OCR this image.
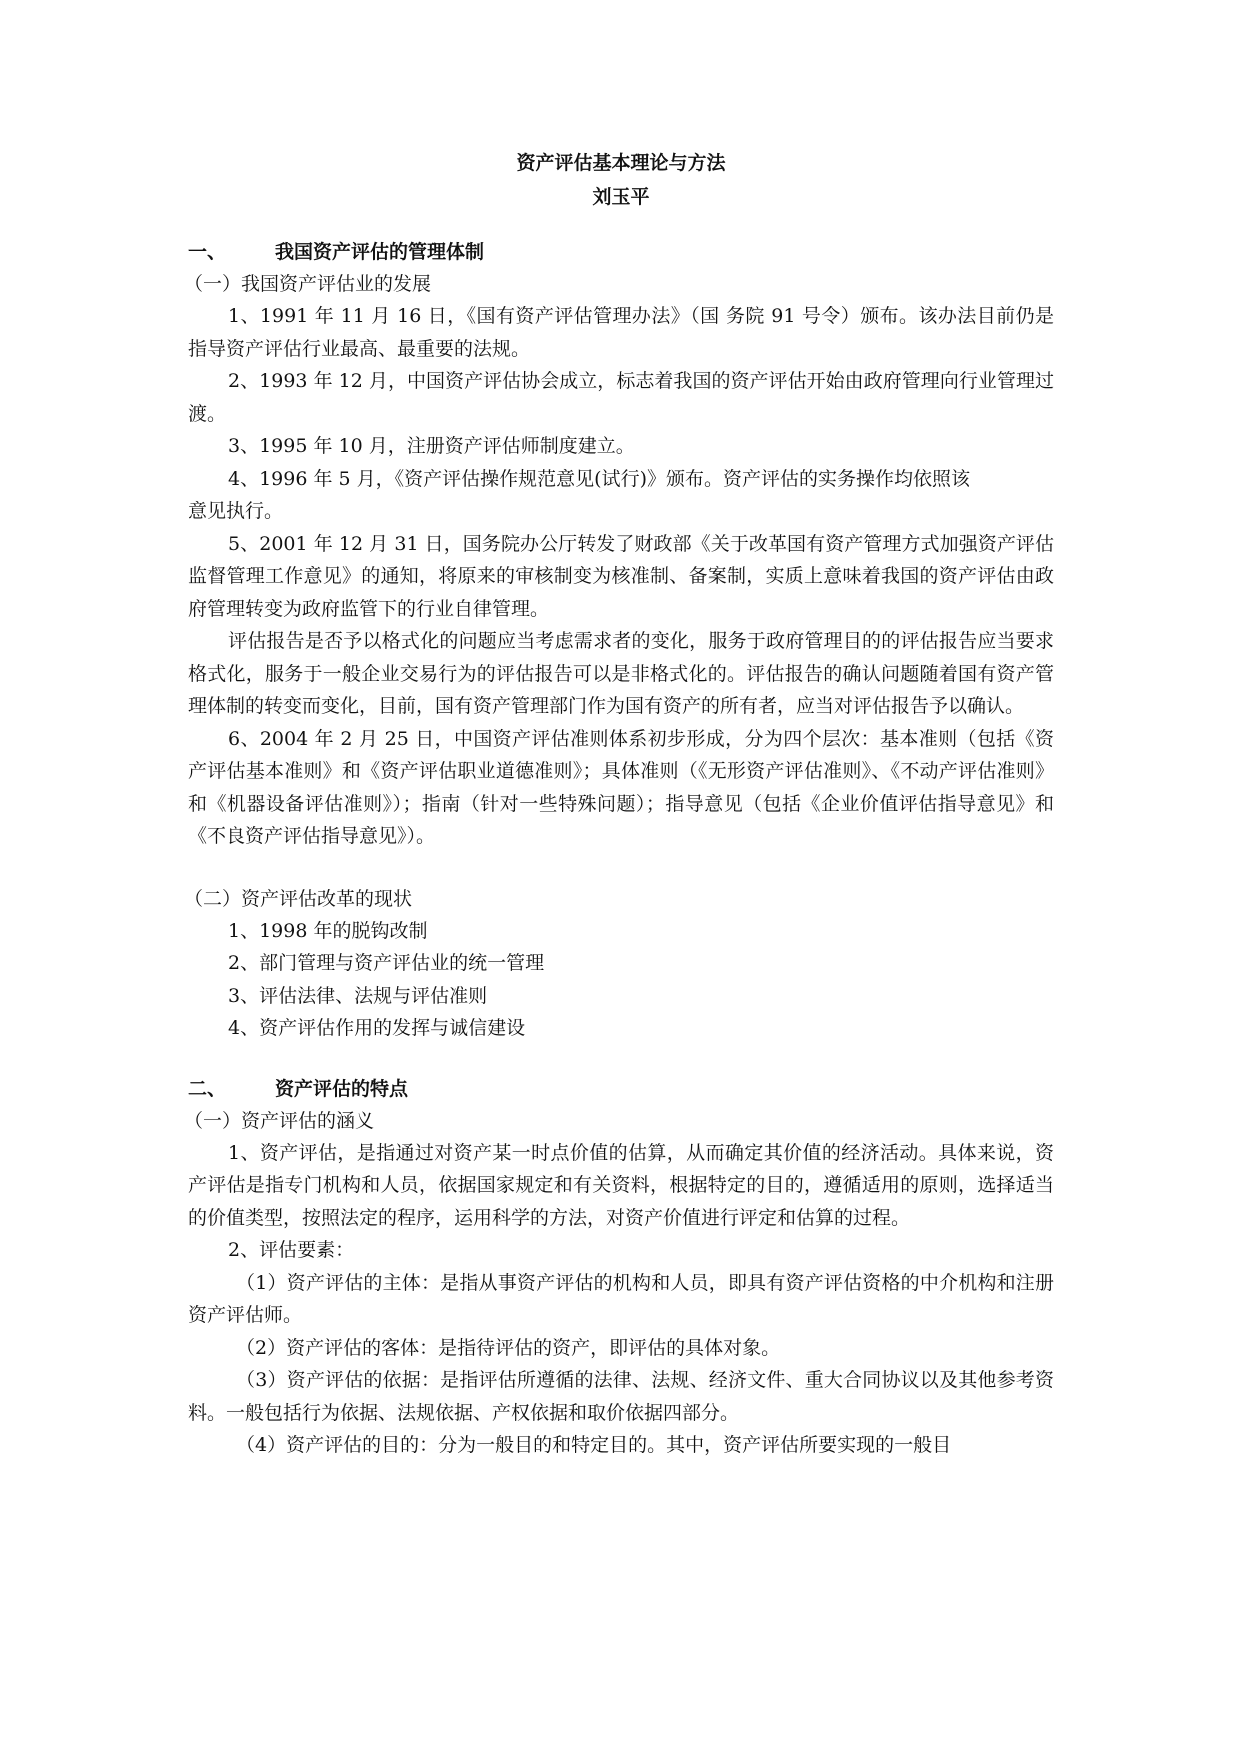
资产评估基本理论与方法
刘玉平
一、	我国资产评估的管理体制
（一）我国资产评估业的发展

1、1991 年 11 月 16 日，《国有资产评估管理办法》（国 务院 91 号令）颁布。该办法目前仍是指导资产评估行业最高、最重要的法规。

2、1993 年 12 月，中国资产评估协会成立，标志着我国的资产评估开始由政府管理向行业管理过渡。

3、1995 年 10 月，注册资产评估师制度建立。

4、1996 年 5 月，《资产评估操作规范意见(试行)》颁布。资产评估的实务操作均依照该

意见执行。

5、2001 年 12 月 31 日，国务院办公厅转发了财政部《关于改革国有资产管理方式加强资产评估监督管理工作意见》的通知，将原来的审核制变为核准制、备案制，实质上意味着我国的资产评估由政府管理转变为政府监管下的行业自律管理。

评估报告是否予以格式化的问题应当考虑需求者的变化，服务于政府管理目的的评估报告应当要求格式化，服务于一般企业交易行为的评估报告可以是非格式化的。评估报告的确认问题随着国有资产管理体制的转变而变化，目前，国有资产管理部门作为国有资产的所有者，应当对评估报告予以确认。

6、2004 年 2 月 25 日，中国资产评估准则体系初步形成，分为四个层次：基本准则（包括《资产评估基本准则》和《资产评估职业道德准则》；具体准则（《无形资产评估准则》、《不动产评估准则》和《机器设备评估准则》）；指南（针对一些特殊问题）；指导意见（包括《企业价值评估指导意见》和《不良资产评估指导意见》）。

（二）资产评估改革的现状
1、1998 年的脱钩改制
2、部门管理与资产评估业的统一管理
3、评估法律、法规与评估准则
4、资产评估作用的发挥与诚信建设
二、	资产评估的特点
（一）资产评估的涵义

1、资产评估，是指通过对资产某一时点价值的估算，从而确定其价值的经济活动。具体来说，资产评估是指专门机构和人员，依据国家规定和有关资料，根据特定的目的，遵循适用的原则，选择适当的价值类型，按照法定的程序，运用科学的方法，对资产价值进行评定和估算的过程。

2、评估要素：

（1）资产评估的主体：是指从事资产评估的机构和人员，即具有资产评估资格的中介机构和注册资产评估师。

（2）资产评估的客体：是指待评估的资产，即评估的具体对象。

（3）资产评估的依据：是指评估所遵循的法律、法规、经济文件、重大合同协议以及其他参考资料。一般包括行为依据、法规依据、产权依据和取价依据四部分。

（4）资产评估的目的：分为一般目的和特定目的。其中，资产评估所要实现的一般目
